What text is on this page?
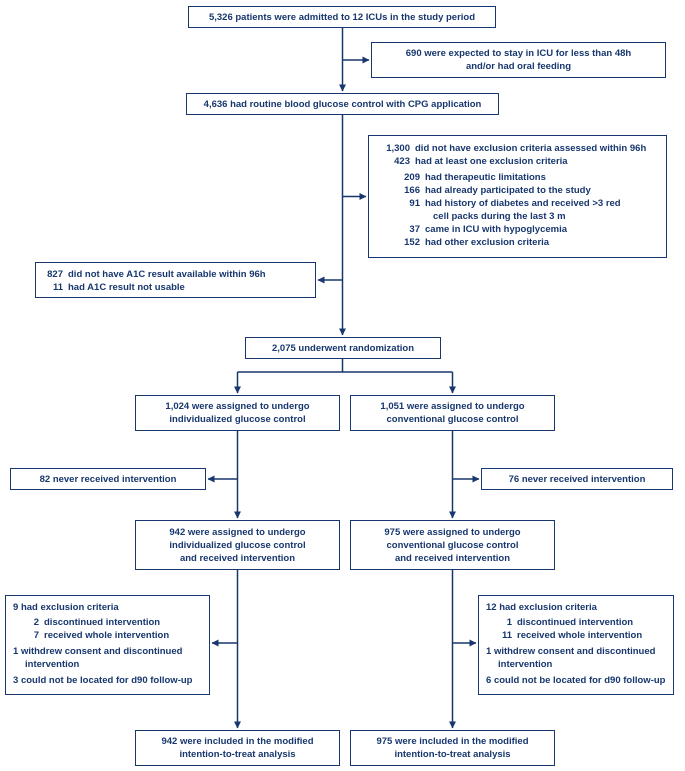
5,326 patients were admitted to 12 ICUs in the study period
690 were expected to stay in ICU for less than 48h
and/or had oral feeding
4,636 had routine blood glucose control with CPG application
1,300 did not have exclusion criteria assessed within 96h
423 had at least one exclusion criteria
209 had therapeutic limitations
166 had already participated to the study
91 had history of diabetes and received >3 red
cell packs during the last 3 m
37 came in ICU with hypoglycemia
152 had other exclusion criteria
827 did not have A1C result available within 96h
11 had A1C result not usable
2,075 underwent randomization
1,024 were assigned to undergo
individualized glucose control
1,051 were assigned to undergo
conventional glucose control
82 never received intervention	76 never received intervention
942 were assigned to undergo
individualized glucose control
and received intervention
975 were assigned to undergo
conventional glucose control
and received intervention
9 had exclusion criteria
2 discontinued intervention
7 received whole intervention
1 withdrew consent and discontinued intervention
3 could not be located for d90 follow-up
12 had exclusion criteria
1 discontinued intervention
11 received whole intervention
1 withdrew consent and discontinued intervention
6 could not be located for d90 follow-up
942 were included in the modified
intention-to-treat analysis
975 were included in the modified
intention-to-treat analysis
